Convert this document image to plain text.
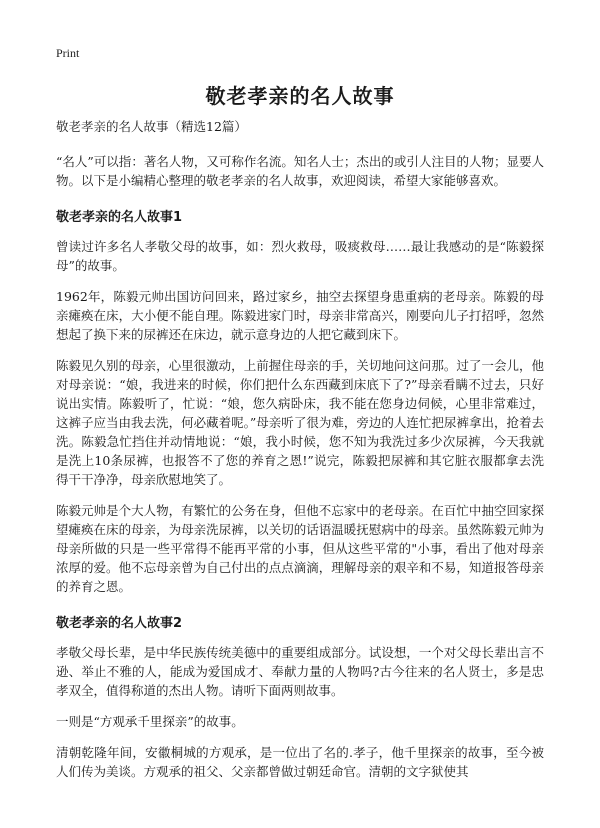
Print
敬老孝亲的名人故事

敬老孝亲的名人故事（精选12篇）

“名人”可以指：著名人物，又可称作名流。知名人士；杰出的或引人注目的人物；显要人物。以下是小编精心整理的敬老孝亲的名人故事，欢迎阅读，希望大家能够喜欢。

敬老孝亲的名人故事1

曾读过许多名人孝敬父母的故事，如：烈火救母，吸痰救母……最让我感动的是“陈毅探母”的故事。

1962年，陈毅元帅出国访问回来，路过家乡，抽空去探望身患重病的老母亲。陈毅的母亲瘫痪在床，大小便不能自理。陈毅进家门时，母亲非常高兴，刚要向儿子打招呼，忽然想起了换下来的尿裤还在床边，就示意身边的人把它藏到床下。

陈毅见久别的母亲，心里很激动，上前握住母亲的手，关切地问这问那。过了一会儿，他对母亲说：“娘，我进来的时候，你们把什么东西藏到床底下了?”母亲看瞒不过去，只好说出实情。陈毅听了，忙说：“娘，您久病卧床，我不能在您身边伺候，心里非常难过，这裤子应当由我去洗，何必藏着呢。”母亲听了很为难，旁边的人连忙把尿裤拿出，抢着去洗。陈毅急忙挡住并动情地说：“娘，我小时候，您不知为我洗过多少次尿裤，今天我就是洗上10条尿裤，也报答不了您的养育之恩!”说完，陈毅把尿裤和其它脏衣服都拿去洗得干干净净，母亲欣慰地笑了。

陈毅元帅是个大人物，有繁忙的公务在身，但他不忘家中的老母亲。在百忙中抽空回家探望瘫痪在床的母亲，为母亲洗尿裤，以关切的话语温暖抚慰病中的母亲。虽然陈毅元帅为母亲所做的只是一些平常得不能再平常的小事，但从这些平常的"小事，看出了他对母亲浓厚的爱。他不忘母亲曾为自己付出的点点滴滴，理解母亲的艰辛和不易，知道报答母亲的养育之恩。

敬老孝亲的名人故事2

孝敬父母长辈，是中华民族传统美德中的重要组成部分。试设想，一个对父母长辈出言不逊、举止不雅的人，能成为爱国成才、奉献力量的人物吗?古今往来的名人贤士，多是忠孝双全，值得称道的杰出人物。请听下面两则故事。

一则是“方观承千里探亲”的故事。

清朝乾隆年间，安徽桐城的方观承，是一位出了名的.孝子，他千里探亲的故事，至今被人们传为美谈。方观承的祖父、父亲都曾做过朝廷命官。清朝的文字狱使其
